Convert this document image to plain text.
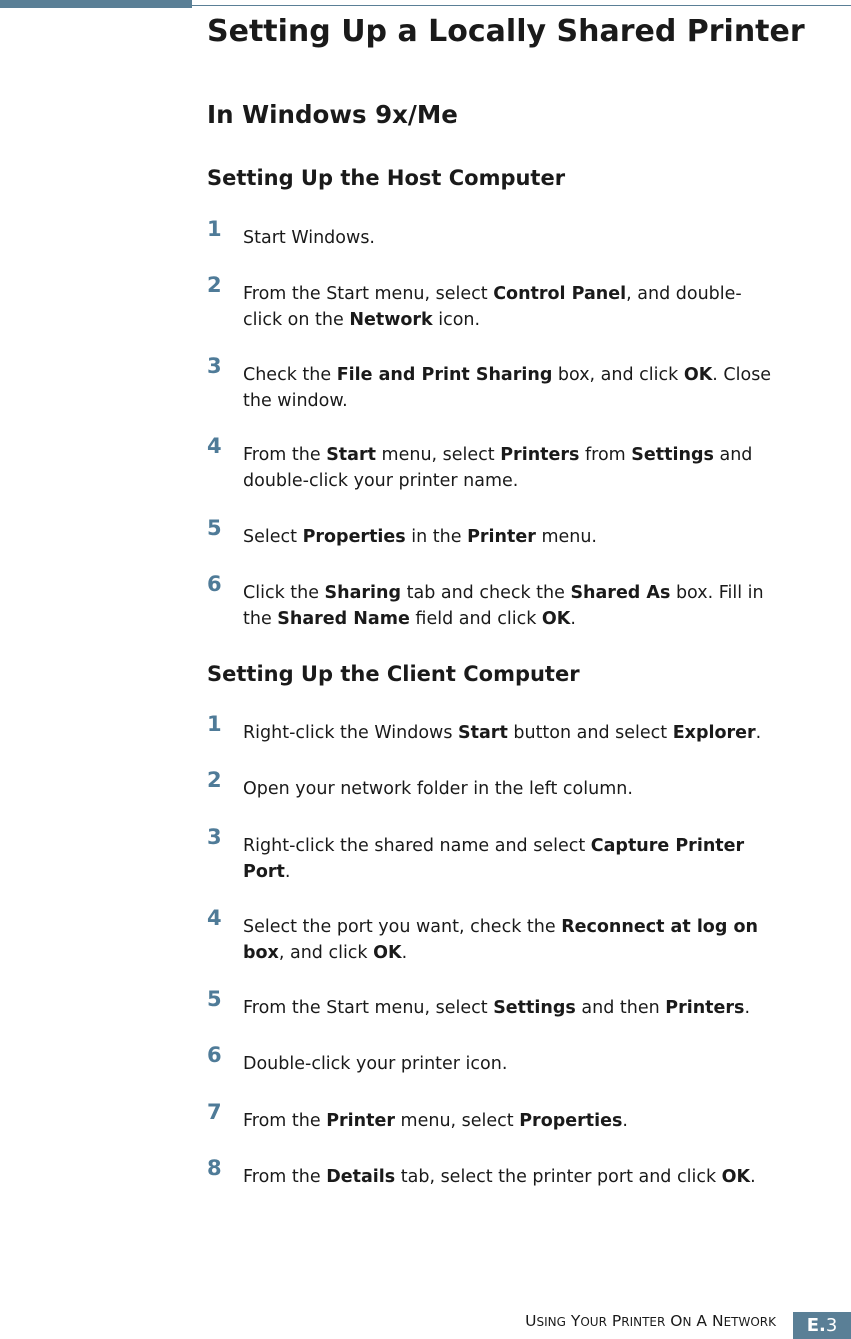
Setting Up a Locally Shared Printer
In Windows 9x/Me
Setting Up the Host Computer
1 Start Windows.
2 From the Start menu, select Control Panel, and double-
click on the Network icon.
3 Check the File and Print Sharing box, and click OK. Close
the window.
4 From the Start menu, select Printers from Settings and
double-click your printer name.
5 Select Properties in the Printer menu.
6 Click the Sharing tab and check the Shared As box. Fill in
the Shared Name field and click OK.
Setting Up the Client Computer
1 Right-click the Windows Start button and select Explorer.
2 Open your network folder in the left column.
3 Right-click the shared name and select Capture Printer
Port.
4 Select the port you want, check the Reconnect at log on
box, and click OK.
5 From the Start menu, select Settings and then Printers.
6 Double-click your printer icon.
7 From the Printer menu, select Properties.
8 From the Details tab, select the printer port and click OK.
USING YOUR PRINTER ON A NETWORK	E.3
